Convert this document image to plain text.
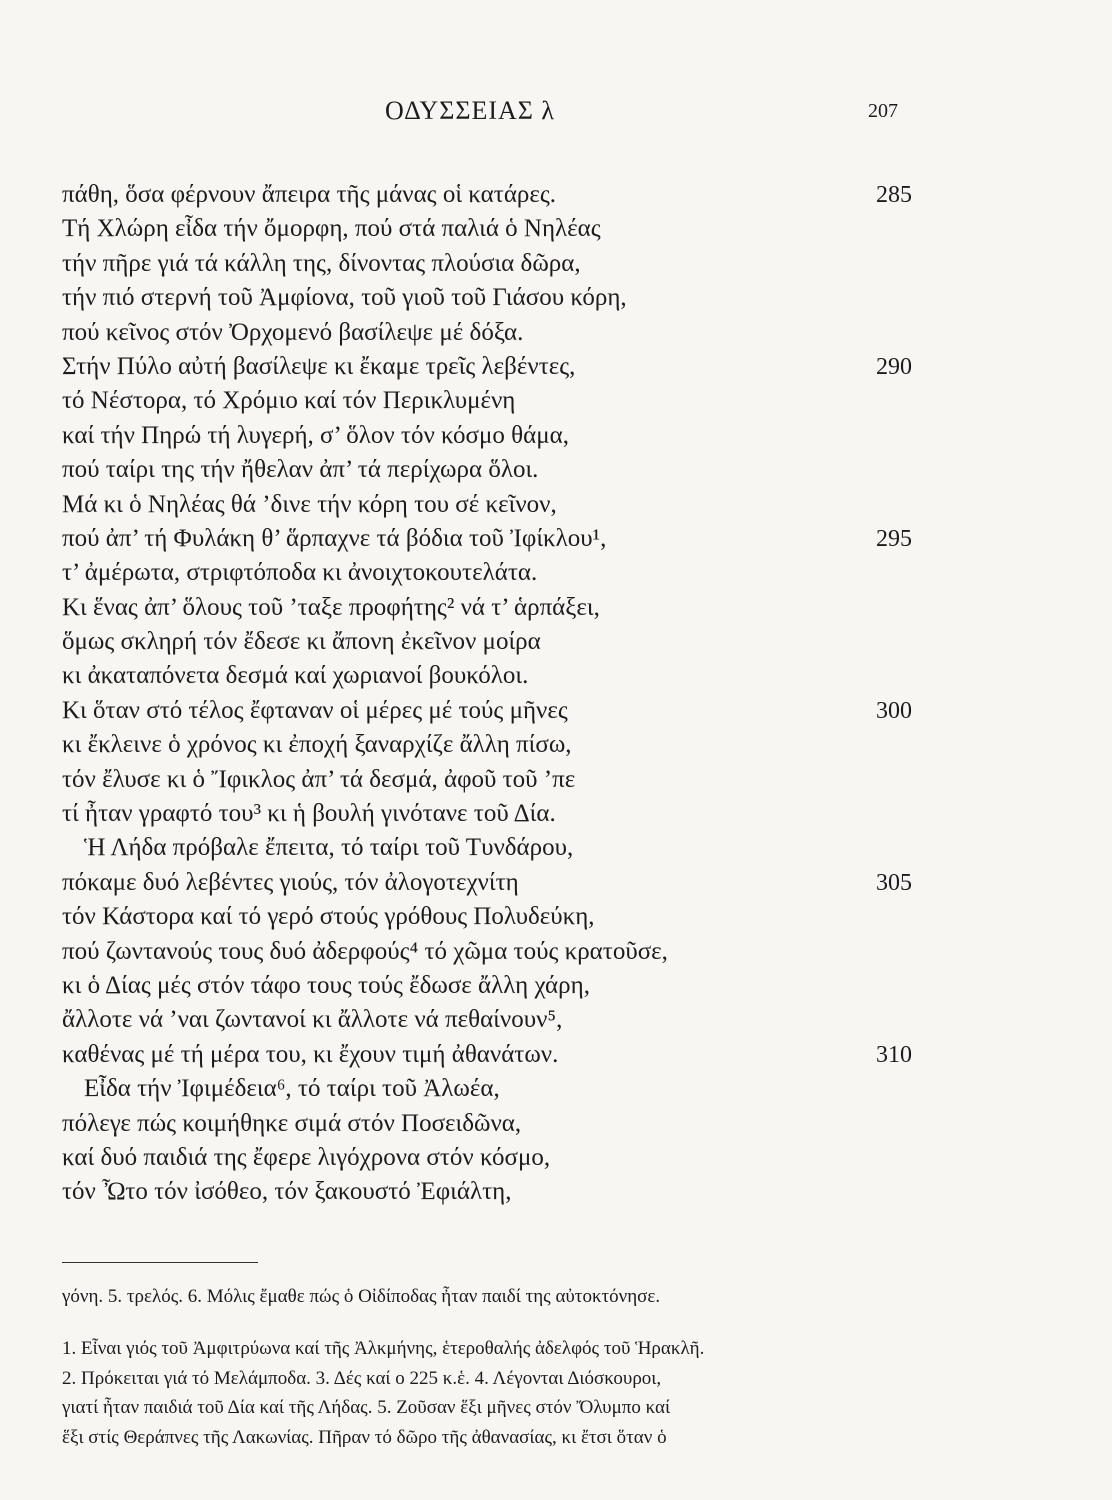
ΟΔΥΣΣΕΙΑΣ λ	207
πάθη, ὅσα φέρνουν ἄπειρα τῆς μάνας οἱ κατάρες.	285
Τή Χλώρη εἶδα τήν ὄμορφη, πού στά παλιά ὁ Νηλέας
τήν πῆρε γιά τά κάλλη της, δίνοντας πλούσια δῶρα,
τήν πιό στερνή τοῦ Ἀμφίονα, τοῦ γιοῦ τοῦ Γιάσου κόρη,
πού κεῖνος στόν Ὀρχομενό βασίλεψε μέ δόξα.
Στήν Πύλο αὐτή βασίλεψε κι ἔκαμε τρεῖς λεβέντες,	290
τό Νέστορα, τό Χρόμιο καί τόν Περικλυμένη
καί τήν Πηρώ τή λυγερή, σ’ ὅλον τόν κόσμο θάμα,
πού ταίρι της τήν ἤθελαν ἀπ’ τά περίχωρα ὅλοι.
Μά κι ὁ Νηλέας θά ’δινε τήν κόρη του σέ κεῖνον,
πού ἀπ’ τή Φυλάκη θ’ ἅρπαχνε τά βόδια τοῦ Ἰφίκλου¹,	295
τ’ ἀμέρωτα, στριφτόποδα κι ἀνοιχτοκουτελάτα.
Κι ἕνας ἀπ’ ὅλους τοῦ ’ταξε προφήτης² νά τ’ ἁρπάξει,
ὅμως σκληρή τόν ἔδεσε κι ἄπονη ἐκεῖνον μοίρα
κι ἀκαταπόνετα δεσμά καί χωριανοί βουκόλοι.
Κι ὅταν στό τέλος ἔφταναν οἱ μέρες μέ τούς μῆνες	300
κι ἔκλεινε ὁ χρόνος κι ἐποχή ξαναρχίζε ἄλλη πίσω,
τόν ἔλυσε κι ὁ Ἴφικλος ἀπ’ τά δεσμά, ἀφοῦ τοῦ ’πε
τί ἦταν γραφτό του³ κι ἡ βουλή γινότανε τοῦ Δία.
Ἡ Λήδα πρόβαλε ἔπειτα, τό ταίρι τοῦ Τυνδάρου,
πόκαμε δυό λεβέντες γιούς, τόν ἀλογοτεχνίτη	305
τόν Κάστορα καί τό γερό στούς γρόθους Πολυδεύκη,
πού ζωντανούς τους δυό ἀδερφούς⁴ τό χῶμα τούς κρατοῦσε,
κι ὁ Δίας μές στόν τάφο τους τούς ἔδωσε ἄλλη χάρη,
ἄλλοτε νά ’ναι ζωντανοί κι ἄλλοτε νά πεθαίνουν⁵,
καθένας μέ τή μέρα του, κι ἔχουν τιμή ἀθανάτων.	310
Εἶδα τήν Ἰφιμέδεια⁶, τό ταίρι τοῦ Ἀλωέα,
πόλεγε πώς κοιμήθηκε σιμά στόν Ποσειδῶνα,
καί δυό παιδιά της ἔφερε λιγόχρονα στόν κόσμο,
τόν Ὦτο τόν ἰσόθεο, τόν ξακουστό Ἐφιάλτη,
γόνη. 5. τρελός. 6. Μόλις ἔμαθε πώς ὁ Οἰδίποδας ἦταν παιδί της αὐτοκτόνησε.
1. Εἶναι γιός τοῦ Ἀμφιτρύωνα καί τῆς Ἀλκμήνης, ἑτεροθαλής ἀδελφός τοῦ Ἡρακλῆ.
2. Πρόκειται γιά τό Μελάμποδα. 3. Δές καί ο 225 κ.ἑ. 4. Λέγονται Διόσκουροι,
γιατί ἦταν παιδιά τοῦ Δία καί τῆς Λήδας. 5. Ζοῦσαν ἕξι μῆνες στόν Ὄλυμπο καί
ἕξι στίς Θεράπνες τῆς Λακωνίας. Πῆραν τό δῶρο τῆς ἀθανασίας, κι ἔτσι ὅταν ὁ
